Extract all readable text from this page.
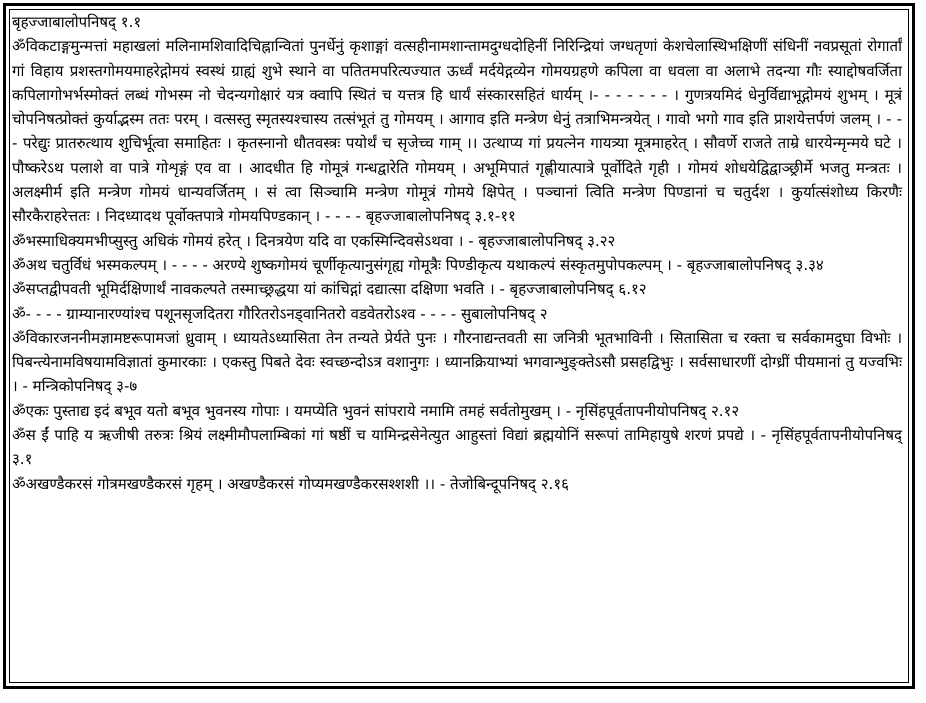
बृहज्जाबालोपनिषद् १.१

ॐविकटाङ्गमुन्मत्तां महाखलां मलिनामशिवादिचिह्नान्वितां पुनर्धेनुं कृशाङ्गां वत्सहीनामशान्तामदुग्धदोहिनीं निरिन्द्रियां जग्धतृणां केशचेलास्थिभक्षिणीं संधिनीं नवप्रसूतां रोगार्तां गां विहाय प्रशस्तगोमयमाहरेद्गोमयं स्वस्थं ग्राह्यं शुभे स्थाने वा पतितमपरित्यज्यात ऊर्ध्वं मर्दयेद्गव्येन गोमयग्रहणे कपिला वा धवला वा अलाभे तदन्या गौः स्याद्दोषवर्जिता कपिलागोभर्भस्मोक्तं लब्धं गोभस्म नो चेदन्यगोक्षारं यत्र क्वापि स्थितं च यत्तत्र हि धार्यं संस्कारसहितं धार्यम् ।- - - - - - - । गुणत्रयमिदं धेनुर्विद्याभूद्गोमयं शुभम् । मूत्रं चोपनिषत्प्रोक्तं कुर्याद्भस्म ततः परम् । वत्सस्तु स्मृतस्यश्चास्य तत्संभूतं तु गोमयम् । आगाव इति मन्त्रेण धेनुं तत्राभिमन्त्रयेत् । गावो भगो गाव इति प्राशयेत्तर्पणं जलम् । - - - परेद्युः प्रातरुत्थाय शुचिर्भूत्वा समाहितः । कृतस्नानो धौतवस्त्रः पयोर्थं च सृजेच्च गाम् ।। उत्थाप्य गां प्रयत्नेन गायत्र्या मूत्रमाहरेत् । सौवर्णे राजते ताम्रे धारयेन्मृन्मये घटे । पौष्करेऽथ पलाशे वा पात्रे गोशृङ्गं एव वा । आदधीत हि गोमूत्रं गन्धद्वारेति गोमयम् । अभूमिपातं गृह्णीयात्पात्रे पूर्वोदिते गृही । गोमयं शोधयेद्विद्वाञ्छ्रीर्मे भजतु मन्त्रतः । अलक्ष्मीर्म इति मन्त्रेण गोमयं धान्यवर्जितम् । सं त्वा सिञ्चामि मन्त्रेण गोमूत्रं गोमये क्षिपेत् । पञ्चानां त्विति मन्त्रेण पिण्डानां च चतुर्दश । कुर्यात्संशोध्य किरणैः सौरकैराहरेत्ततः । निदध्यादथ पूर्वोक्तपात्रे गोमयपिण्डकान् । - - - - बृहज्जाबालोपनिषद् ३.१-११

ॐभस्माधिक्यमभीप्सुस्तु अधिकं गोमयं हरेत् । दिनत्रयेण यदि वा एकस्मिन्दिवसेऽथवा । - बृहज्जाबालोपनिषद् ३.२२

ॐअथ चतुर्विधं भस्मकल्पम् । - - - - अरण्ये शुष्कगोमयं चूर्णीकृत्यानुसंगृह्य गोमूत्रैः पिण्डीकृत्य यथाकल्पं संस्कृतमुपोपकल्पम् । - बृहज्जाबालोपनिषद् ३.३४

ॐसप्तद्वीपवती भूमिर्दक्षिणार्थं नावकल्पते तस्माच्छ्रद्धया यां कांचिद्गां दद्यात्सा दक्षिणा भवति । - बृहज्जाबालोपनिषद् ६.१२

ॐ- - - - ग्राम्यानारण्यांश्च पशूनसृजदितरा गौरितरोऽनड्वानितरो वडवेतरोऽश्व - - - - सुबालोपनिषद् २

ॐविकारजननीमज्ञामष्टरूपामजां ध्रुवाम् । ध्यायतेऽध्यासिता तेन तन्यते प्रेर्यते पुनः । गौरनाद्यन्तवती सा जनित्री भूतभाविनी । सितासिता च रक्ता च सर्वकामदुघा विभोः । पिबन्त्येनामविषयामविज्ञातां कुमारकाः । एकस्तु पिबते देवः स्वच्छन्दोऽत्र वशानुगः । ध्यानक्रियाभ्यां भगवान्भुङ्क्तेऽसौ प्रसहद्विभुः । सर्वसाधारणीं दोग्ध्रीं पीयमानां तु यज्वभिः । - मन्त्रिकोपनिषद् ३-७

ॐएकः पुस्ताद्य इदं बभूव यतो बभूव भुवनस्य गोपाः । यमप्येति भुवनं सांपराये नमामि तमहं सर्वतोमुखम् । - नृसिंहपूर्वतापनीयोपनिषद् २.१२

ॐस ईं पाहि य ऋजीषी तरुत्रः श्रियं लक्ष्मीमौपलाम्बिकां गां षष्ठीं च यामिन्द्रसेनेत्युत आहुस्तां विद्यां ब्रह्मयोनिं सरूपां तामिहायुषे शरणं प्रपद्ये । - नृसिंहपूर्वतापनीयोपनिषद् ३.१

ॐअखण्डैकरसं गोत्रमखण्डैकरसं गृहम् । अखण्डैकरसं गोप्यमखण्डैकरसश्शशी ।। - तेजोबिन्दूपनिषद् २.१६
